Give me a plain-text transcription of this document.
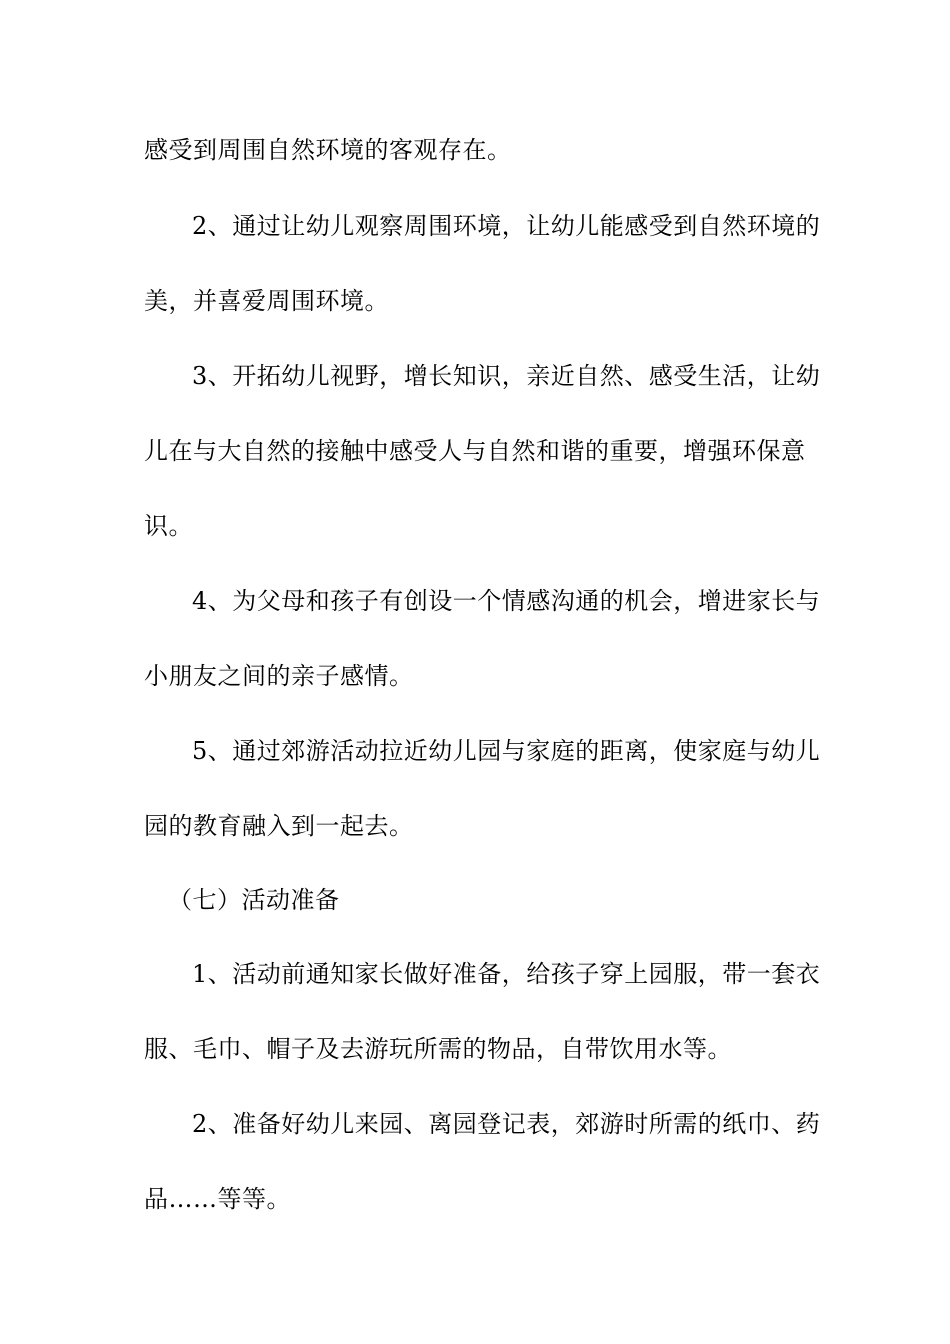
感受到周围自然环境的客观存在。
2、通过让幼儿观察周围环境，让幼儿能感受到自然环境的
美，并喜爱周围环境。
3、开拓幼儿视野，增长知识，亲近自然、感受生活，让幼
儿在与大自然的接触中感受人与自然和谐的重要，增强环保意
识。
4、为父母和孩子有创设一个情感沟通的机会，增进家长与
小朋友之间的亲子感情。
5、通过郊游活动拉近幼儿园与家庭的距离，使家庭与幼儿
园的教育融入到一起去。
（七）活动准备
1、活动前通知家长做好准备，给孩子穿上园服，带一套衣
服、毛巾、帽子及去游玩所需的物品，自带饮用水等。
2、准备好幼儿来园、离园登记表，郊游时所需的纸巾、药
品……等等。
